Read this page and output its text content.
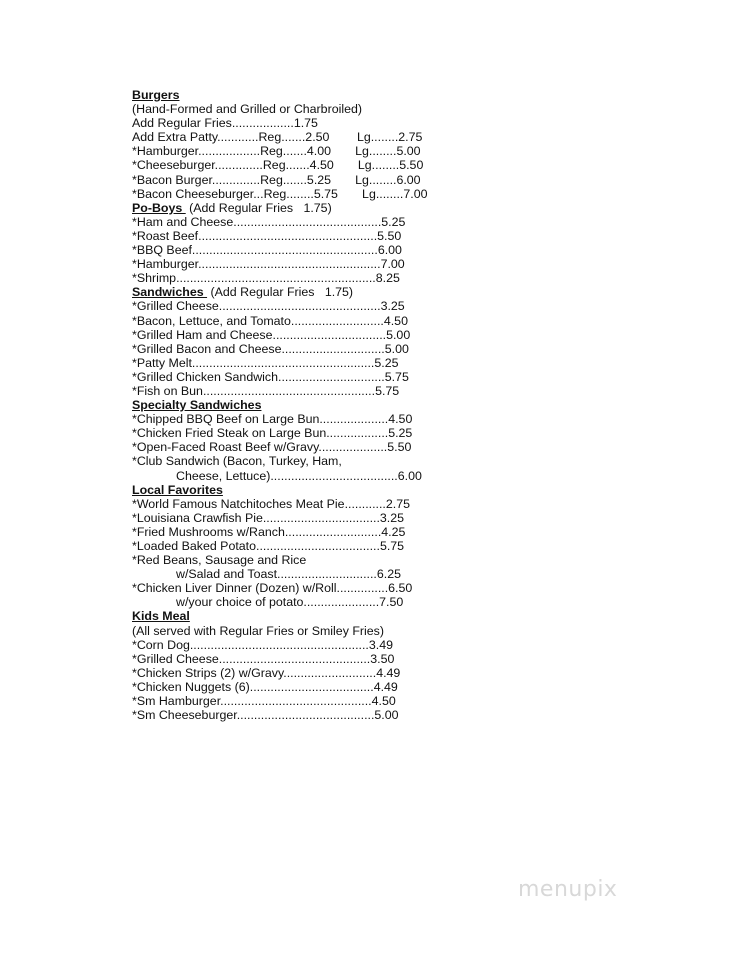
Burgers
(Hand-Formed and Grilled or Charbroiled)
Add Regular Fries..................1.75
Add Extra Patty............Reg.......2.50        Lg........2.75
*Hamburger..................Reg.......4.00       Lg........5.00
*Cheeseburger..............Reg.......4.50       Lg........5.50
*Bacon Burger..............Reg.......5.25       Lg........6.00
*Bacon Cheeseburger...Reg........5.75       Lg........7.00
Po-Boys  (Add Regular Fries   1.75)
*Ham and Cheese...........................................5.25
*Roast Beef....................................................5.50
*BBQ Beef......................................................6.00
*Hamburger.....................................................7.00
*Shrimp..........................................................8.25
Sandwiches  (Add Regular Fries   1.75)
*Grilled Cheese...............................................3.25
*Bacon, Lettuce, and Tomato...........................4.50
*Grilled Ham and Cheese.................................5.00
*Grilled Bacon and Cheese..............................5.00
*Patty Melt.....................................................5.25
*Grilled Chicken Sandwich...............................5.75
*Fish on Bun..................................................5.75
Specialty Sandwiches
*Chipped BBQ Beef on Large Bun....................4.50
*Chicken Fried Steak on Large Bun..................5.25
*Open-Faced Roast Beef w/Gravy....................5.50
*Club Sandwich (Bacon, Turkey, Ham,
Cheese, Lettuce).....................................6.00
Local Favorites
*World Famous Natchitoches Meat Pie............2.75
*Louisiana Crawfish Pie..................................3.25
*Fried Mushrooms w/Ranch............................4.25
*Loaded Baked Potato....................................5.75
*Red Beans, Sausage and Rice
w/Salad and Toast.............................6.25
*Chicken Liver Dinner (Dozen) w/Roll...............6.50
w/your choice of potato......................7.50
Kids Meal
(All served with Regular Fries or Smiley Fries)
*Corn Dog....................................................3.49
*Grilled Cheese............................................3.50
*Chicken Strips (2) w/Gravy...........................4.49
*Chicken Nuggets (6)....................................4.49
*Sm Hamburger............................................4.50
*Sm Cheeseburger........................................5.00
menupix
